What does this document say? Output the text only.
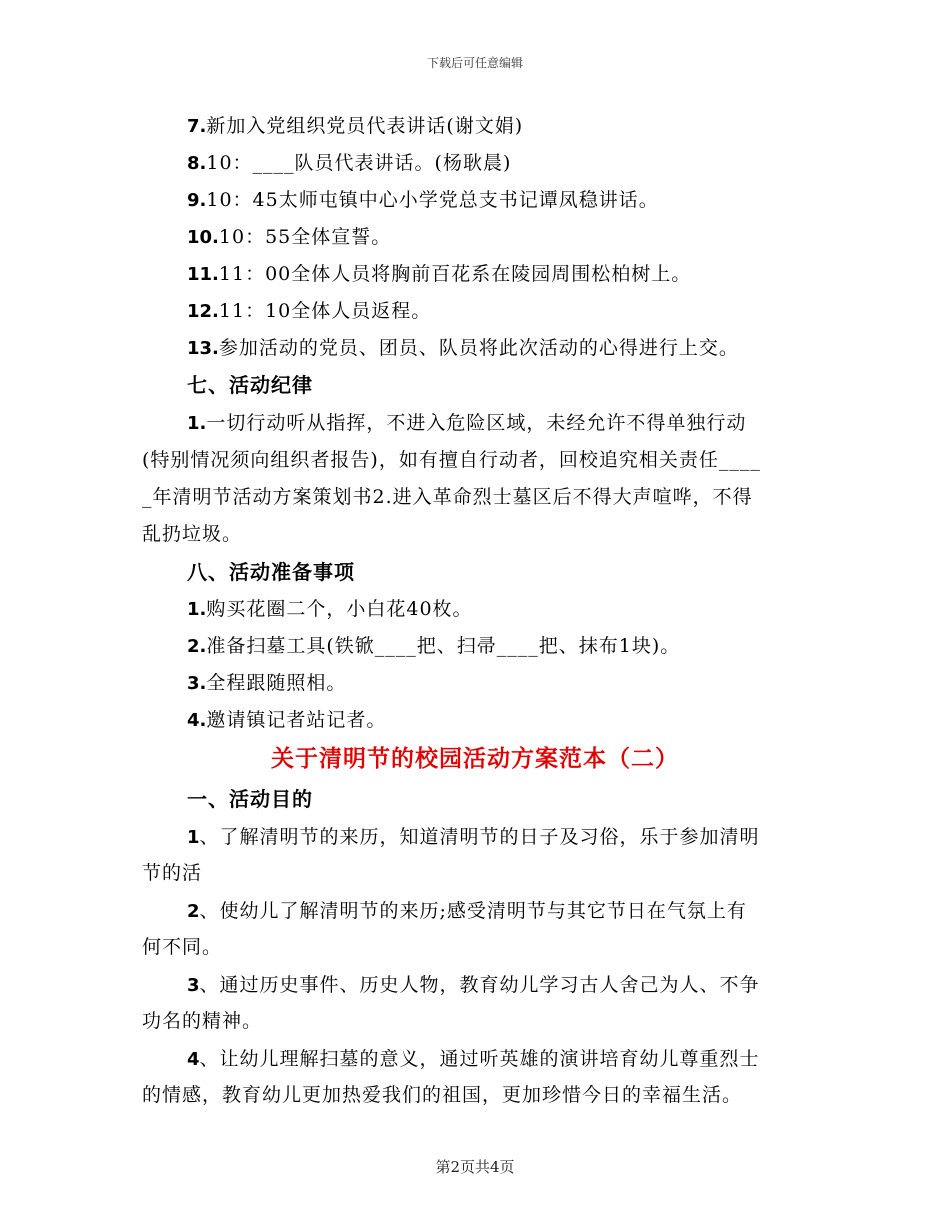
下载后可任意编辑
7.新加入党组织党员代表讲话(谢文娟)
8.10：____队员代表讲话。(杨耿晨)
9.10：45太师屯镇中心小学党总支书记谭凤稳讲话。
10.10：55全体宣誓。
11.11：00全体人员将胸前百花系在陵园周围松柏树上。
12.11：10全体人员返程。
13.参加活动的党员、团员、队员将此次活动的心得进行上交。
七、活动纪律
1.一切行动听从指挥，不进入危险区域，未经允许不得单独行动
(特别情况须向组织者报告)，如有擅自行动者，回校追究相关责任____
_年清明节活动方案策划书2.进入革命烈士墓区后不得大声喧哗，不得
乱扔垃圾。
八、活动准备事项
1.购买花圈二个，小白花40枚。
2.准备扫墓工具(铁锨____把、扫帚____把、抹布1块)。
3.全程跟随照相。
4.邀请镇记者站记者。
关于清明节的校园活动方案范本（二）
一、活动目的
1、了解清明节的来历，知道清明节的日子及习俗，乐于参加清明
节的活
2、使幼儿了解清明节的来历;感受清明节与其它节日在气氛上有
何不同。
3、通过历史事件、历史人物，教育幼儿学习古人舍己为人、不争
功名的精神。
4、让幼儿理解扫墓的意义，通过听英雄的演讲培育幼儿尊重烈士
的情感，教育幼儿更加热爱我们的祖国，更加珍惜今日的幸福生活。
第2页共4页
